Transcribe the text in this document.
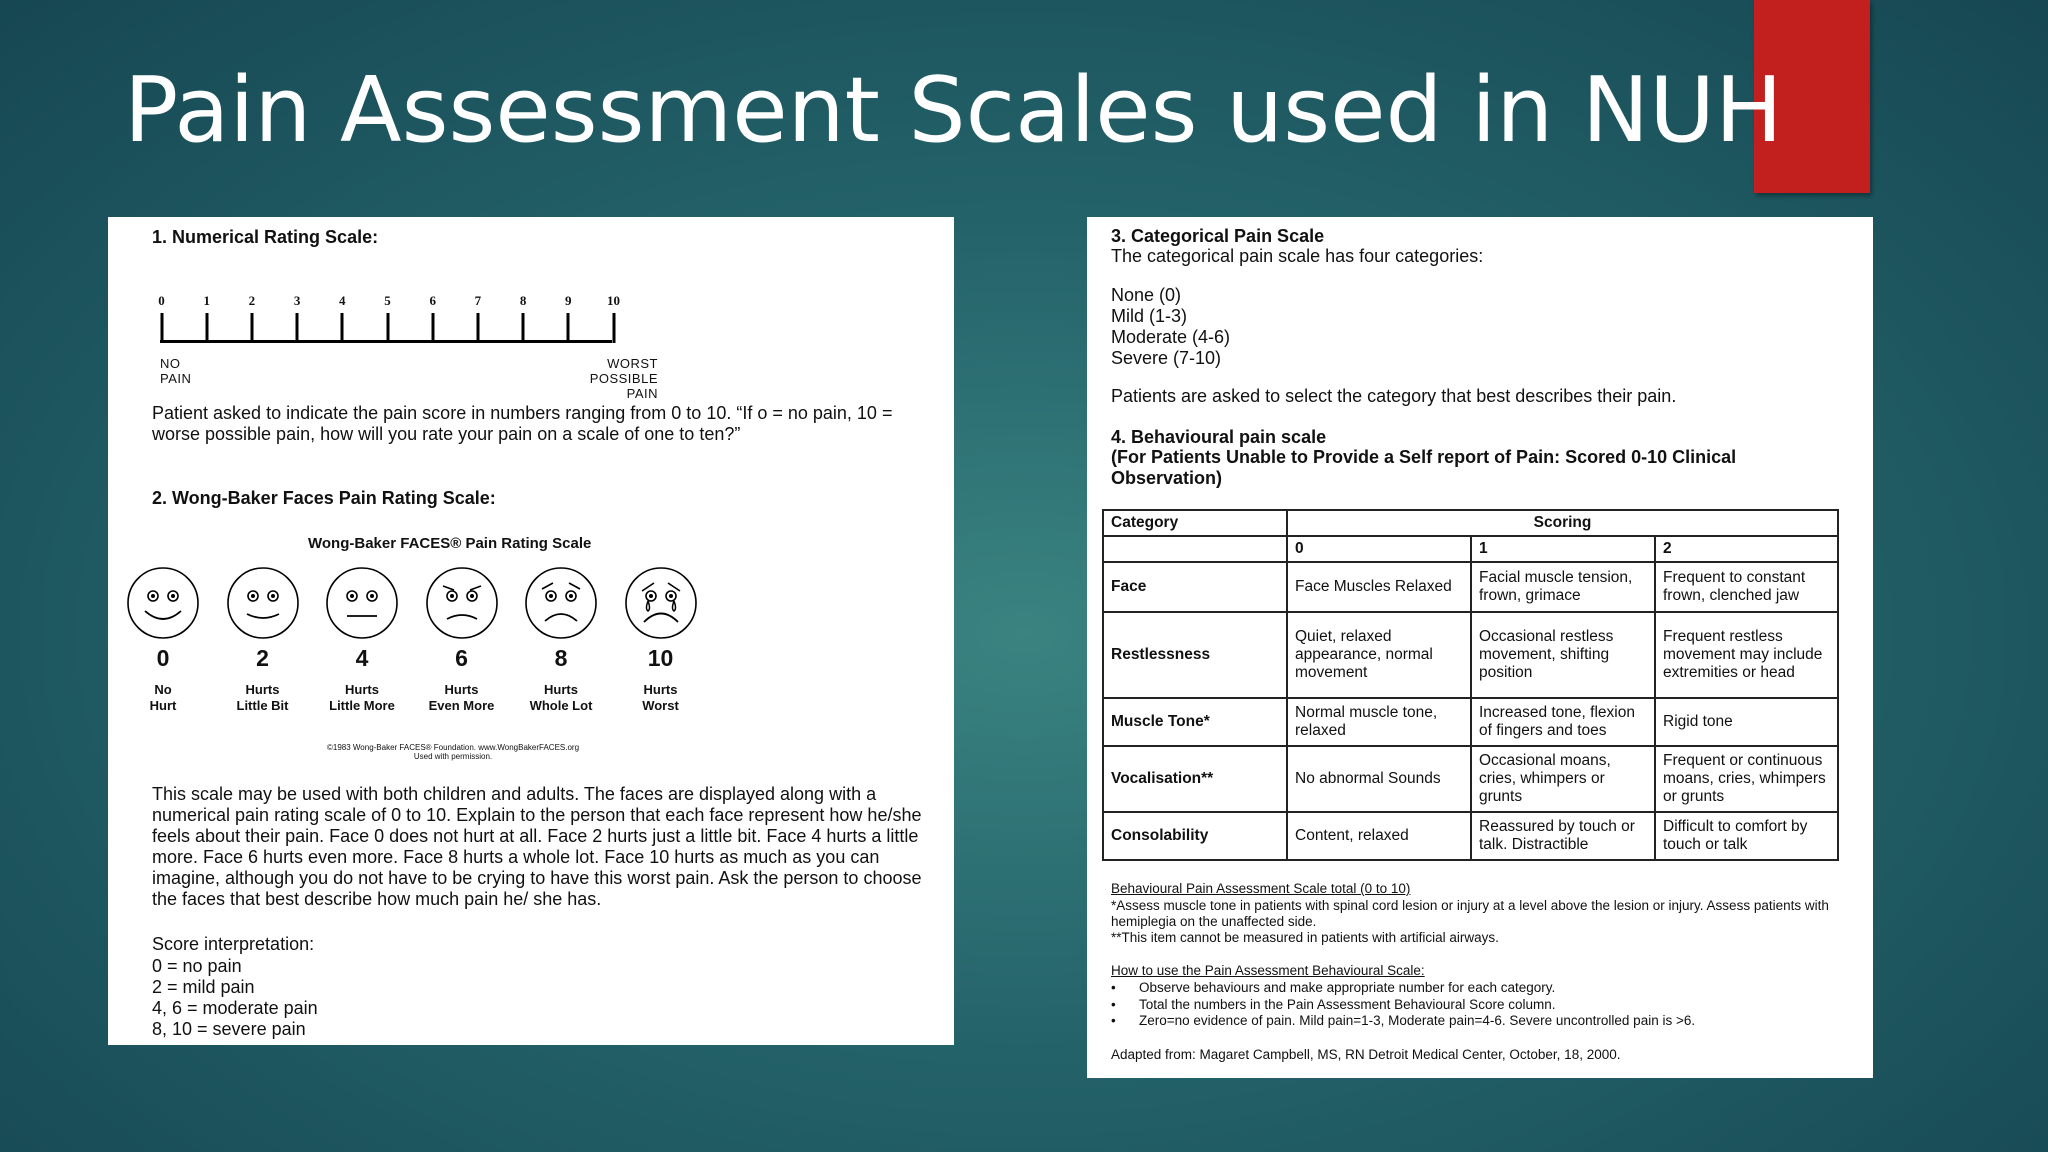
Pain Assessment Scales used in NUH
1. Numerical Rating Scale:
0	1	2	3	4	5	6	7	8	9	10
NO
PAIN
WORST
POSSIBLE
PAIN
Patient asked to indicate the pain score in numbers ranging from 0 to 10. “If o = no pain, 10 = worse possible pain, how will you rate your pain on a scale of one to ten?”
2. Wong-Baker Faces Pain Rating Scale:
Wong-Baker FACES® Pain Rating Scale
0
No
Hurt
2
Hurts
Little Bit
4
Hurts
Little More
6
Hurts
Even More
8
Hurts
Whole Lot
10
Hurts
Worst
©1983 Wong-Baker FACES® Foundation. www.WongBakerFACES.org
Used with permission.
This scale may be used with both children and adults. The faces are displayed along with a numerical pain rating scale of 0 to 10. Explain to the person that each face represent how he/she feels about their pain. Face 0 does not hurt at all. Face 2 hurts just a little bit. Face 4 hurts a little more. Face 6 hurts even more. Face 8 hurts a whole lot. Face 10 hurts as much as you can imagine, although you do not have to be crying to have this worst pain. Ask the person to choose the faces that best describe how much pain he/ she has.
Score interpretation:
0 = no pain
2 = mild pain
4, 6 = moderate pain
8, 10 = severe pain
3. Categorical Pain Scale
The categorical pain scale has four categories:
None (0)
Mild (1-3)
Moderate (4-6)
Severe (7-10)
Patients are asked to select the category that best describes their pain.
4. Behavioural pain scale
(For Patients Unable to Provide a Self report of Pain: Scored 0-10 Clinical Observation)
Category	Scoring		
	0	1	2
Face	Face Muscles Relaxed	Facial muscle tension, frown, grimace	Frequent to constant frown, clenched jaw
Restlessness	Quiet, relaxed appearance, normal movement	Occasional restless movement, shifting position	Frequent restless movement may include extremities or head
Muscle Tone*	Normal muscle tone, relaxed	Increased tone, flexion of fingers and toes	Rigid tone
Vocalisation**	No abnormal Sounds	Occasional moans, cries, whimpers or grunts	Frequent or continuous moans, cries, whimpers or grunts
Consolability	Content, relaxed	Reassured by touch or talk. Distractible	Difficult to comfort by touch or talk
Behavioural Pain Assessment Scale total (0 to 10)
*Assess muscle tone in patients with spinal cord lesion or injury at a level above the lesion or injury. Assess patients with hemiplegia on the unaffected side.
**This item cannot be measured in patients with artificial airways.
How to use the Pain Assessment Behavioural Scale:
• Observe behaviours and make appropriate number for each category.
• Total the numbers in the Pain Assessment Behavioural Score column.
• Zero=no evidence of pain. Mild pain=1-3, Moderate pain=4-6. Severe uncontrolled pain is >6.
Adapted from: Magaret Campbell, MS, RN Detroit Medical Center, October, 18, 2000.
